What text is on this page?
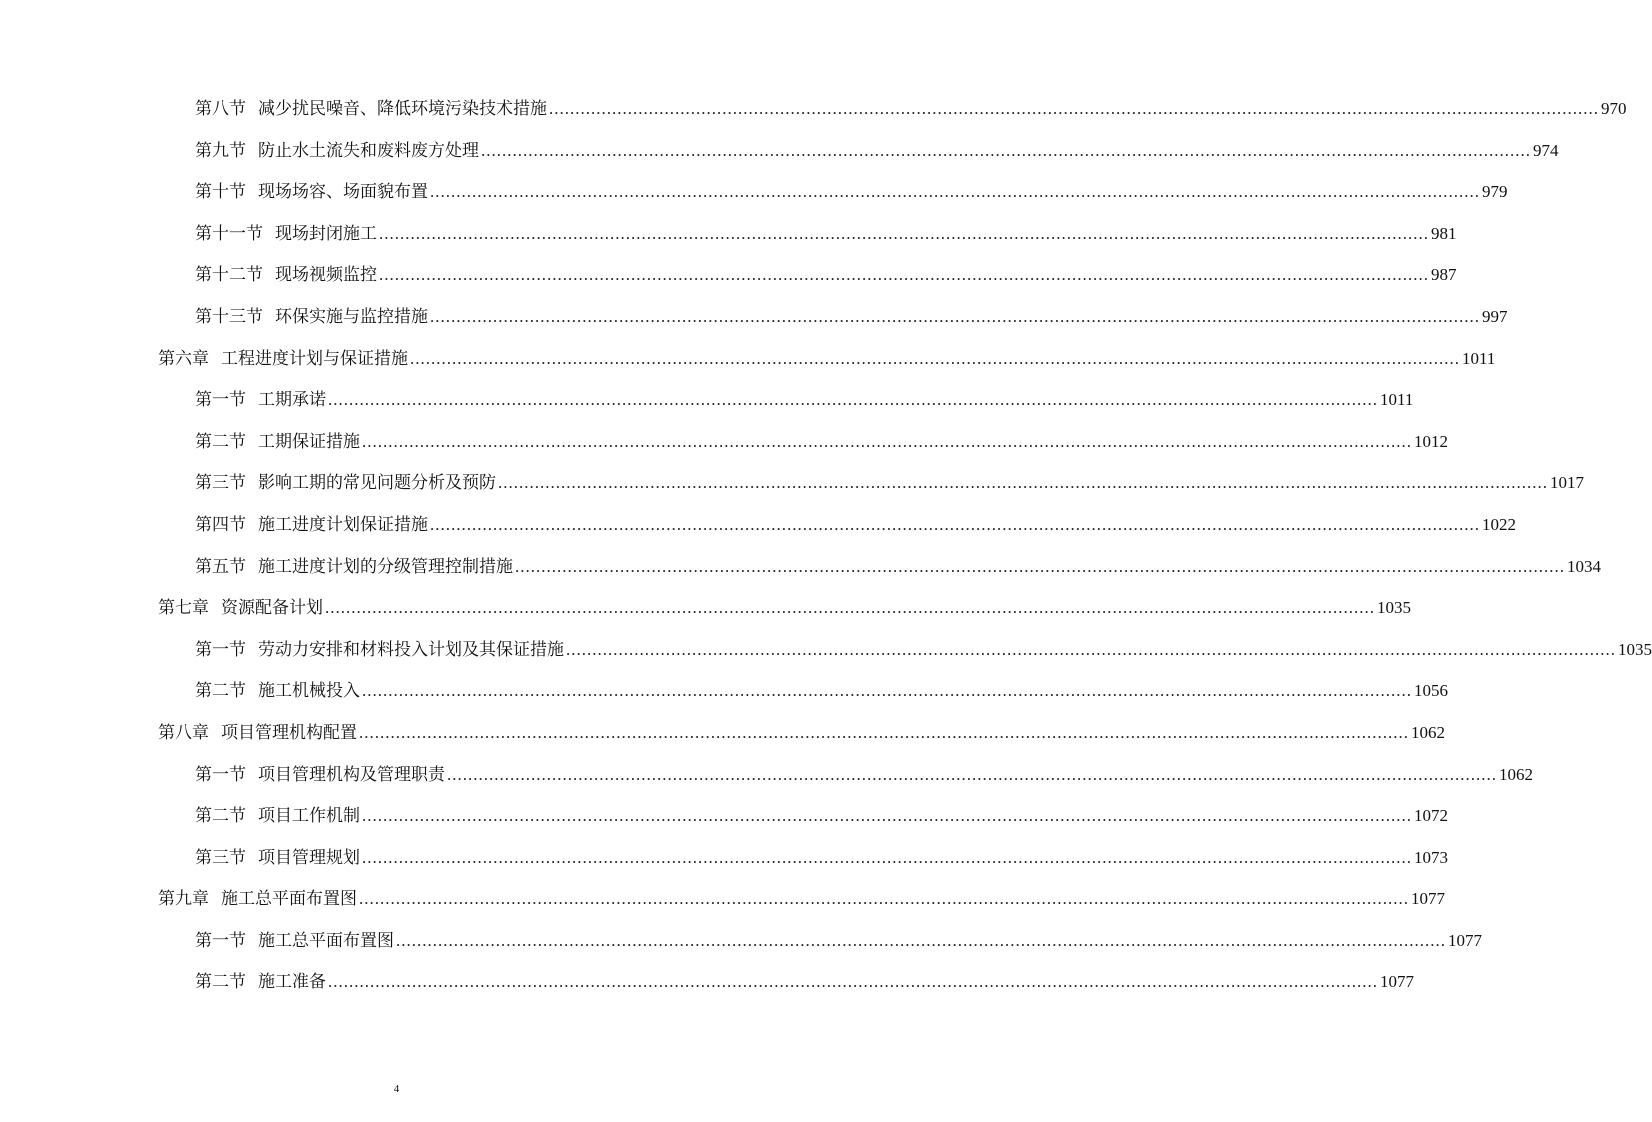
第八节 减少扰民噪音、降低环境污染技术措施 ........................................................................................................................................................................................................ 970
第九节 防止水土流失和废料废方处理 ........................................................................................................................................................................................................ 974
第十节 现场场容、场面貌布置 ........................................................................................................................................................................................................ 979
第十一节 现场封闭施工 ........................................................................................................................................................................................................ 981
第十二节 现场视频监控 ........................................................................................................................................................................................................ 987
第十三节 环保实施与监控措施 ........................................................................................................................................................................................................ 997
第六章 工程进度计划与保证措施 ........................................................................................................................................................................................................ 1011
第一节 工期承诺 ........................................................................................................................................................................................................ 1011
第二节 工期保证措施 ........................................................................................................................................................................................................ 1012
第三节 影响工期的常见问题分析及预防 ........................................................................................................................................................................................................ 1017
第四节 施工进度计划保证措施 ........................................................................................................................................................................................................ 1022
第五节 施工进度计划的分级管理控制措施 ........................................................................................................................................................................................................ 1034
第七章 资源配备计划 ........................................................................................................................................................................................................ 1035
第一节 劳动力安排和材料投入计划及其保证措施 ........................................................................................................................................................................................................ 1035
第二节 施工机械投入 ........................................................................................................................................................................................................ 1056
第八章 项目管理机构配置 ........................................................................................................................................................................................................ 1062
第一节 项目管理机构及管理职责 ........................................................................................................................................................................................................ 1062
第二节 项目工作机制 ........................................................................................................................................................................................................ 1072
第三节 项目管理规划 ........................................................................................................................................................................................................ 1073
第九章 施工总平面布置图 ........................................................................................................................................................................................................ 1077
第一节 施工总平面布置图 ........................................................................................................................................................................................................ 1077
第二节 施工准备 ........................................................................................................................................................................................................ 1077
4
